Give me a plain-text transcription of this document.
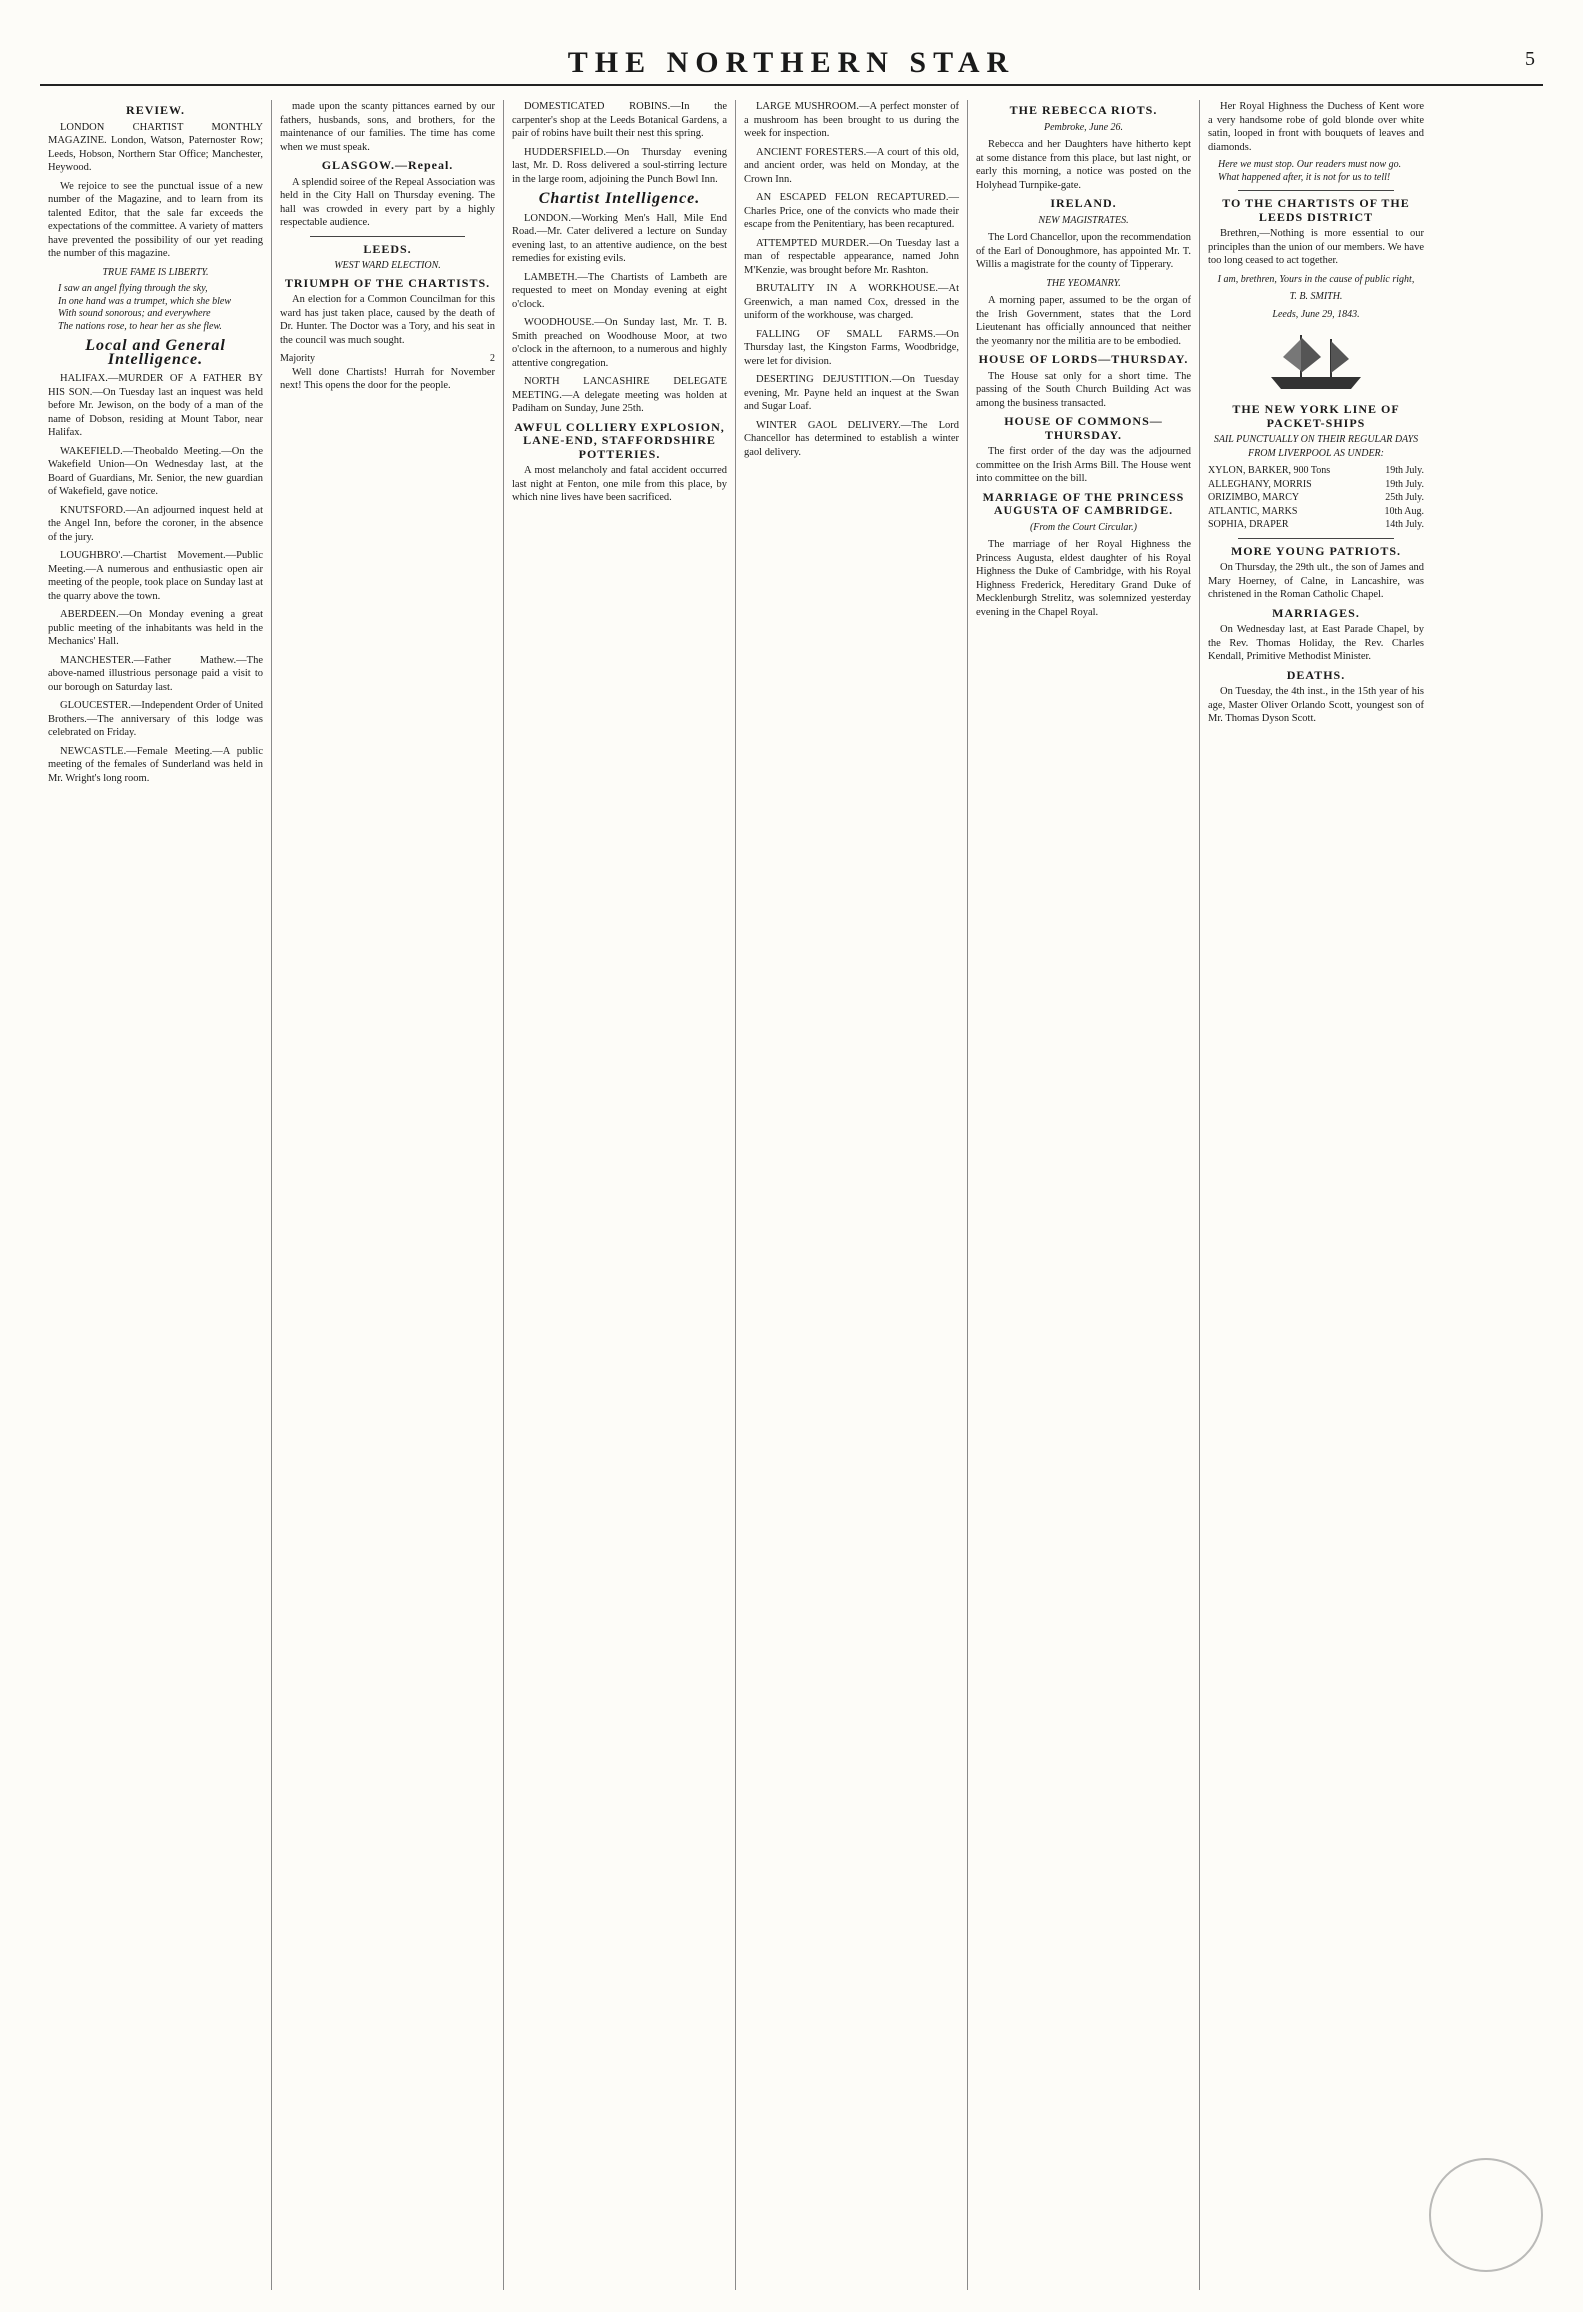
THE NORTHERN STAR	5
REVIEW.

LONDON CHARTIST MONTHLY MAGAZINE. London, Watson, Paternoster Row; Leeds, Hobson, Northern Star Office; Manchester, Heywood.

We rejoice to see the punctual issue of a new number of the Magazine, and to learn from its talented Editor, that the sale far exceeds the expectations of the committee. A variety of matters have prevented the possibility of our yet reading the number of this magazine.

TRUE FAME IS LIBERTY.
I saw an angel flying through the sky,
In one hand was a trumpet, which she blew
With sound sonorous; and everywhere
The nations rose, to hear her as she flew.
Local and General Intelligence.

HALIFAX.—MURDER OF A FATHER BY HIS SON.—On Tuesday last an inquest was held before Mr. Jewison, on the body of a man of the name of Dobson, residing at Mount Tabor, near Halifax.

WAKEFIELD.—Theobaldo Meeting.—On the Wakefield Union—On Wednesday last, at the Board of Guardians, Mr. Senior, the new guardian of Wakefield, gave notice.

KNUTSFORD.—An adjourned inquest held at the Angel Inn, before the coroner, in the absence of the jury.

LOUGHBRO'.—Chartist Movement.—Public Meeting.—A numerous and enthusiastic open air meeting of the people, took place on Sunday last at the quarry above the town.

ABERDEEN.—On Monday evening a great public meeting of the inhabitants was held in the Mechanics' Hall.

MANCHESTER.—Father Mathew.—The above-named illustrious personage paid a visit to our borough on Saturday last.

GLOUCESTER.—Independent Order of United Brothers.—The anniversary of this lodge was celebrated on Friday.

NEWCASTLE.—Female Meeting.—A public meeting of the females of Sunderland was held in Mr. Wright's long room.

made upon the scanty pittances earned by our fathers, husbands, sons, and brothers, for the maintenance of our families. The time has come when we must speak.

GLASGOW.—Repeal.

A splendid soiree of the Repeal Association was held in the City Hall on Thursday evening. The hall was crowded in every part by a highly respectable audience.

LEEDS.
WEST WARD ELECTION.
TRIUMPH OF THE CHARTISTS.

An election for a Common Councilman for this ward has just taken place, caused by the death of Dr. Hunter. The Doctor was a Tory, and his seat in the council was much sought.

Majority	2

Well done Chartists! Hurrah for November next! This opens the door for the people.

DOMESTICATED ROBINS.—In the carpenter's shop at the Leeds Botanical Gardens, a pair of robins have built their nest this spring.

HUDDERSFIELD.—On Thursday evening last, Mr. D. Ross delivered a soul-stirring lecture in the large room, adjoining the Punch Bowl Inn.

Chartist Intelligence.

LONDON.—Working Men's Hall, Mile End Road.—Mr. Cater delivered a lecture on Sunday evening last, to an attentive audience, on the best remedies for existing evils.

LAMBETH.—The Chartists of Lambeth are requested to meet on Monday evening at eight o'clock.

WOODHOUSE.—On Sunday last, Mr. T. B. Smith preached on Woodhouse Moor, at two o'clock in the afternoon, to a numerous and highly attentive congregation.

NORTH LANCASHIRE DELEGATE MEETING.—A delegate meeting was holden at Padiham on Sunday, June 25th.

AWFUL COLLIERY EXPLOSION, LANE-END, STAFFORDSHIRE POTTERIES.

A most melancholy and fatal accident occurred last night at Fenton, one mile from this place, by which nine lives have been sacrificed.

LARGE MUSHROOM.—A perfect monster of a mushroom has been brought to us during the week for inspection.

ANCIENT FORESTERS.—A court of this old, and ancient order, was held on Monday, at the Crown Inn.

AN ESCAPED FELON RECAPTURED.—Charles Price, one of the convicts who made their escape from the Penitentiary, has been recaptured.

ATTEMPTED MURDER.—On Tuesday last a man of respectable appearance, named John M'Kenzie, was brought before Mr. Rashton.

BRUTALITY IN A WORKHOUSE.—At Greenwich, a man named Cox, dressed in the uniform of the workhouse, was charged.

FALLING OF SMALL FARMS.—On Thursday last, the Kingston Farms, Woodbridge, were let for division.

DESERTING DEJUSTITION.—On Tuesday evening, Mr. Payne held an inquest at the Swan and Sugar Loaf.

WINTER GAOL DELIVERY.—The Lord Chancellor has determined to establish a winter gaol delivery.

THE REBECCA RIOTS.
Pembroke, June 26.

Rebecca and her Daughters have hitherto kept at some distance from this place, but last night, or early this morning, a notice was posted on the Holyhead Turnpike-gate.

IRELAND.
NEW MAGISTRATES.

The Lord Chancellor, upon the recommendation of the Earl of Donoughmore, has appointed Mr. T. Willis a magistrate for the county of Tipperary.

THE YEOMANRY.

A morning paper, assumed to be the organ of the Irish Government, states that the Lord Lieutenant has officially announced that neither the yeomanry nor the militia are to be embodied.

HOUSE OF LORDS—THURSDAY.

The House sat only for a short time. The passing of the South Church Building Act was among the business transacted.

HOUSE OF COMMONS—THURSDAY.

The first order of the day was the adjourned committee on the Irish Arms Bill. The House went into committee on the bill.

MARRIAGE OF THE PRINCESS AUGUSTA OF CAMBRIDGE.
(From the Court Circular.)

The marriage of her Royal Highness the Princess Augusta, eldest daughter of his Royal Highness the Duke of Cambridge, with his Royal Highness Frederick, Hereditary Grand Duke of Mecklenburgh Strelitz, was solemnized yesterday evening in the Chapel Royal.

Her Royal Highness the Duchess of Kent wore a very handsome robe of gold blonde over white satin, looped in front with bouquets of leaves and diamonds.

Here we must stop. Our readers must now go.
What happened after, it is not for us to tell!
TO THE CHARTISTS OF THE LEEDS DISTRICT

Brethren,—Nothing is more essential to our principles than the union of our members. We have too long ceased to act together.

I am, brethren, Yours in the cause of public right,
T. B. SMITH.
Leeds, June 29, 1843.
THE NEW YORK LINE OF PACKET-SHIPS
SAIL PUNCTUALLY ON THEIR REGULAR DAYS FROM LIVERPOOL AS UNDER:
XYLON, BARKER, 900 Tons	19th July.
ALLEGHANY, MORRIS	19th July.
ORIZIMBO, MARCY	25th July.
ATLANTIC, MARKS	10th Aug.
SOPHIA, DRAPER	14th July.
MORE YOUNG PATRIOTS.

On Thursday, the 29th ult., the son of James and Mary Hoerney, of Calne, in Lancashire, was christened in the Roman Catholic Chapel.

MARRIAGES.

On Wednesday last, at East Parade Chapel, by the Rev. Thomas Holiday, the Rev. Charles Kendall, Primitive Methodist Minister.

DEATHS.

On Tuesday, the 4th inst., in the 15th year of his age, Master Oliver Orlando Scott, youngest son of Mr. Thomas Dyson Scott.
